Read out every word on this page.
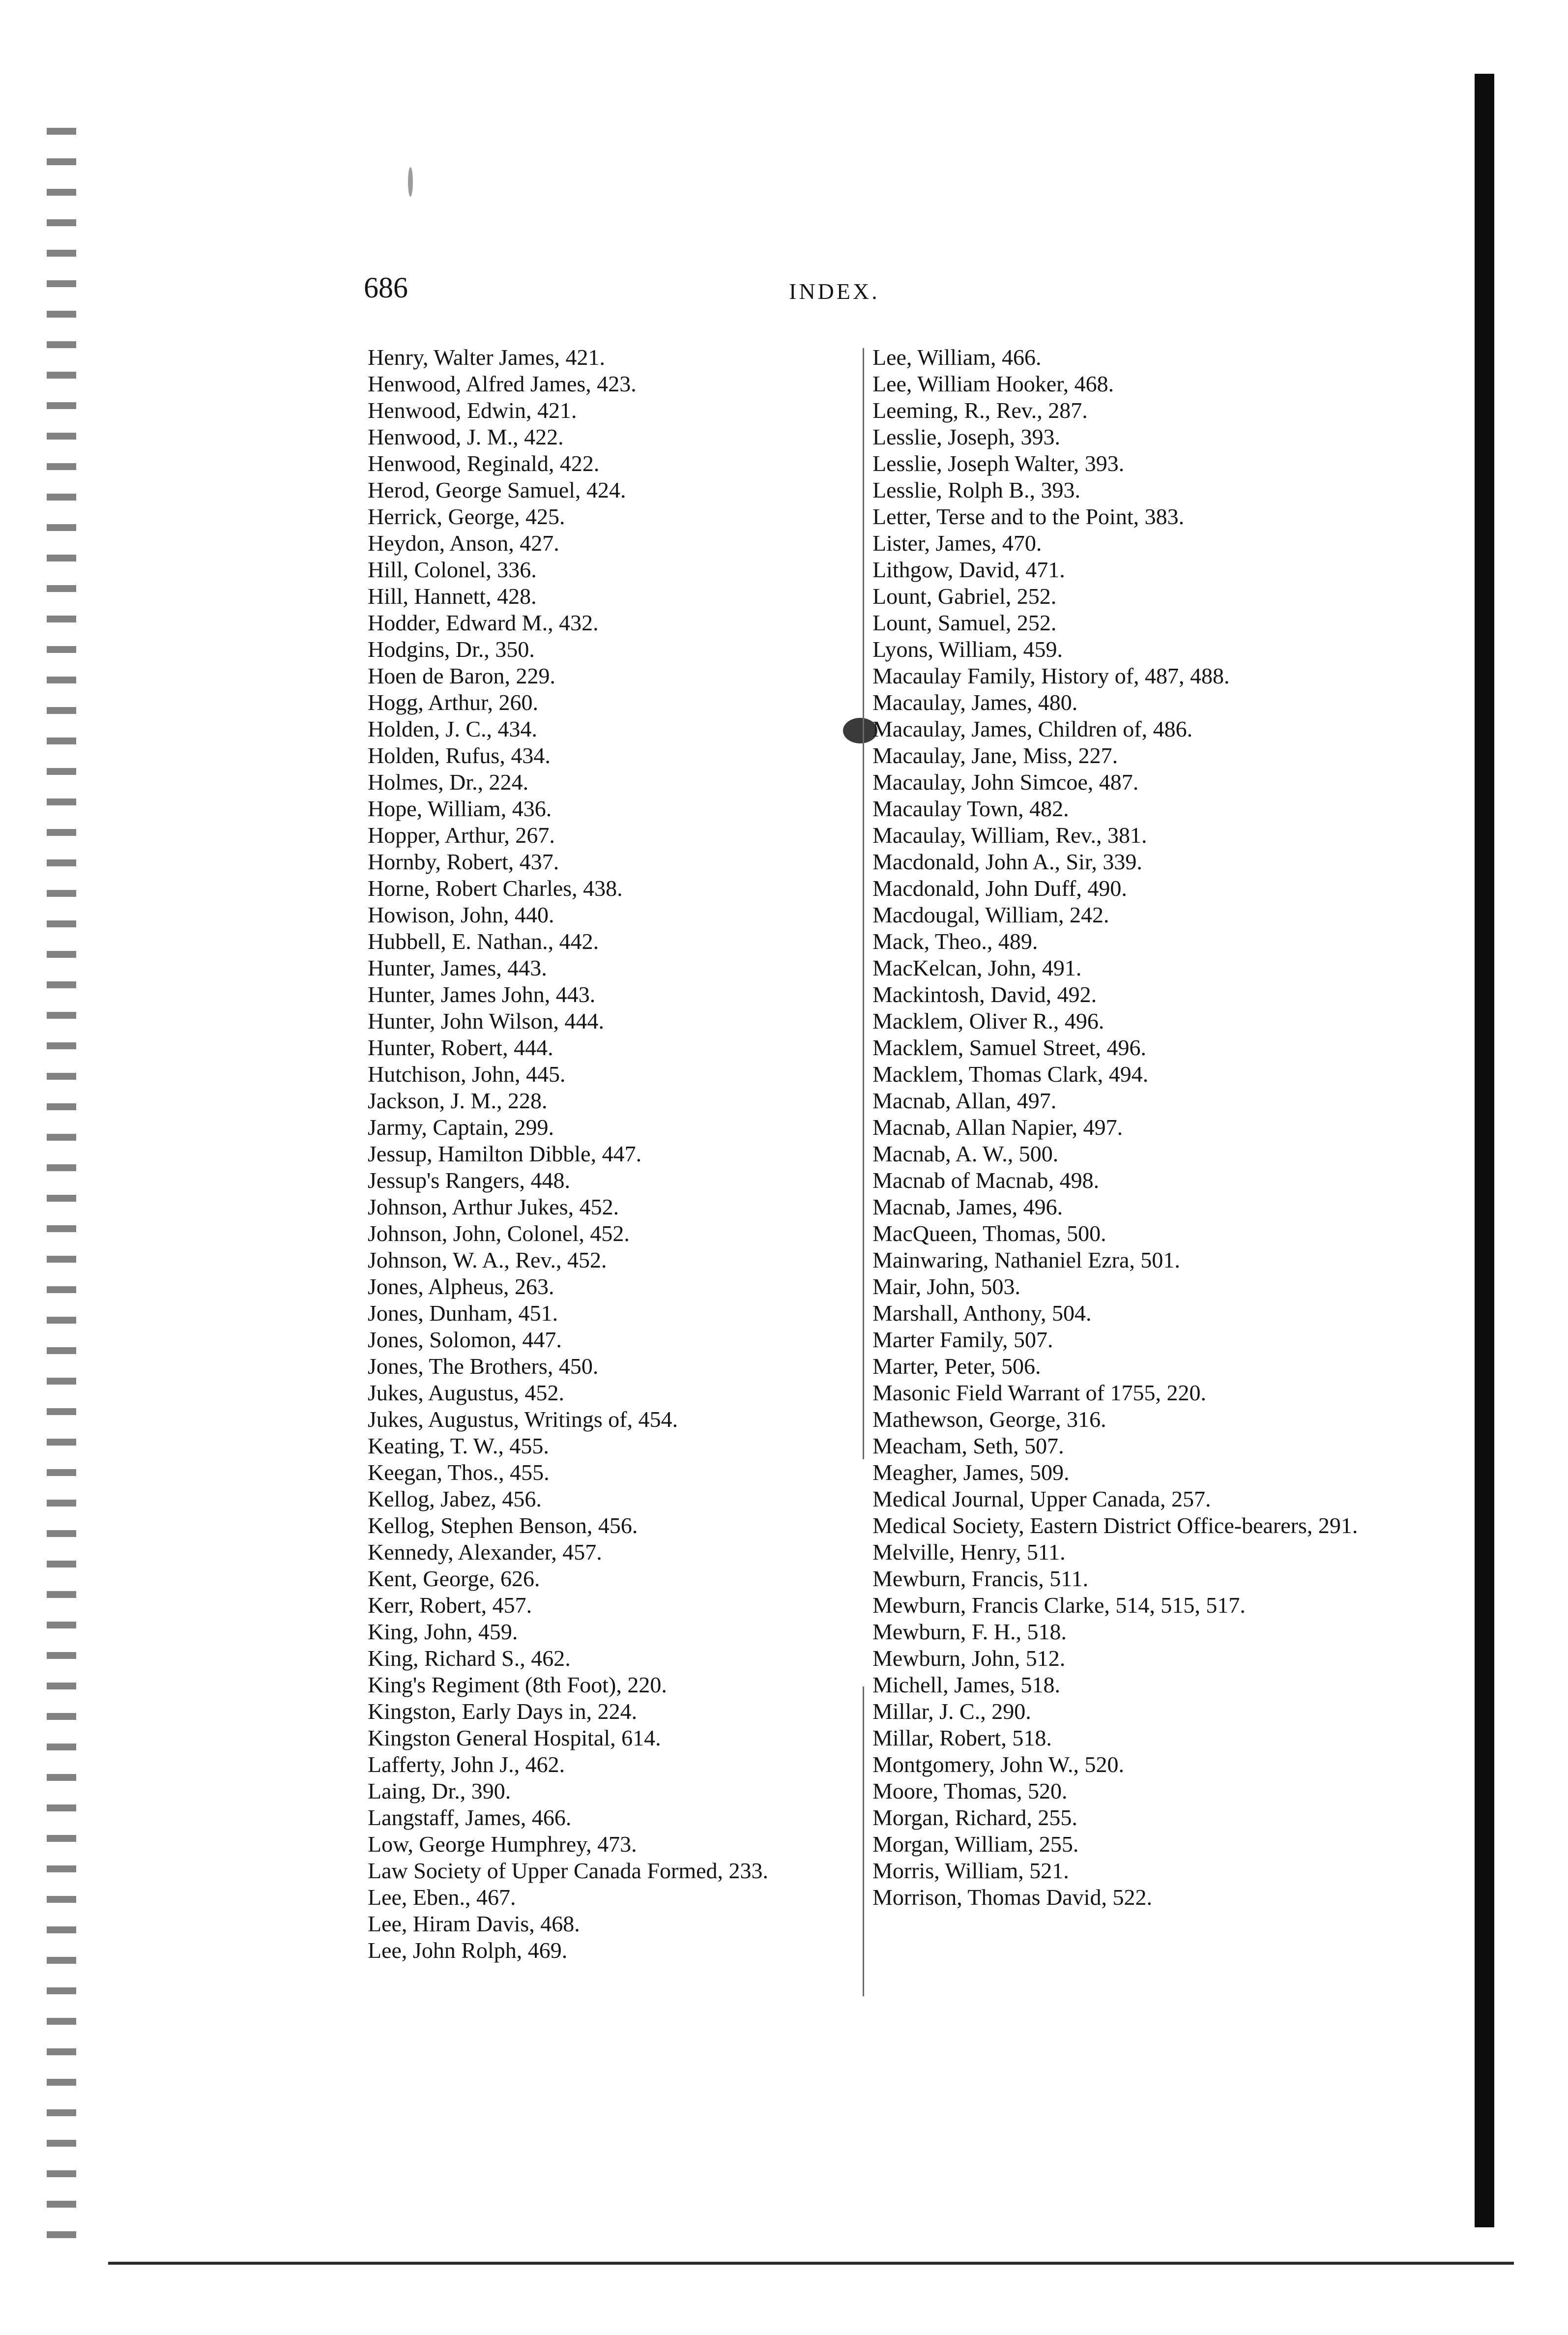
686	INDEX.
Henry, Walter James, 421.
Henwood, Alfred James, 423.
Henwood, Edwin, 421.
Henwood, J. M., 422.
Henwood, Reginald, 422.
Herod, George Samuel, 424.
Herrick, George, 425.
Heydon, Anson, 427.
Hill, Colonel, 336.
Hill, Hannett, 428.
Hodder, Edward M., 432.
Hodgins, Dr., 350.
Hoen de Baron, 229.
Hogg, Arthur, 260.
Holden, J. C., 434.
Holden, Rufus, 434.
Holmes, Dr., 224.
Hope, William, 436.
Hopper, Arthur, 267.
Hornby, Robert, 437.
Horne, Robert Charles, 438.
Howison, John, 440.
Hubbell, E. Nathan., 442.
Hunter, James, 443.
Hunter, James John, 443.
Hunter, John Wilson, 444.
Hunter, Robert, 444.
Hutchison, John, 445.
Jackson, J. M., 228.
Jarmy, Captain, 299.
Jessup, Hamilton Dibble, 447.
Jessup's Rangers, 448.
Johnson, Arthur Jukes, 452.
Johnson, John, Colonel, 452.
Johnson, W. A., Rev., 452.
Jones, Alpheus, 263.
Jones, Dunham, 451.
Jones, Solomon, 447.
Jones, The Brothers, 450.
Jukes, Augustus, 452.
Jukes, Augustus, Writings of, 454.
Keating, T. W., 455.
Keegan, Thos., 455.
Kellog, Jabez, 456.
Kellog, Stephen Benson, 456.
Kennedy, Alexander, 457.
Kent, George, 626.
Kerr, Robert, 457.
King, John, 459.
King, Richard S., 462.
King's Regiment (8th Foot), 220.
Kingston, Early Days in, 224.
Kingston General Hospital, 614.
Lafferty, John J., 462.
Laing, Dr., 390.
Langstaff, James, 466.
Low, George Humphrey, 473.
Law Society of Upper Canada Formed, 233.
Lee, Eben., 467.
Lee, Hiram Davis, 468.
Lee, John Rolph, 469.
Lee, William, 466.
Lee, William Hooker, 468.
Leeming, R., Rev., 287.
Lesslie, Joseph, 393.
Lesslie, Joseph Walter, 393.
Lesslie, Rolph B., 393.
Letter, Terse and to the Point, 383.
Lister, James, 470.
Lithgow, David, 471.
Lount, Gabriel, 252.
Lount, Samuel, 252.
Lyons, William, 459.
Macaulay Family, History of, 487, 488.
Macaulay, James, 480.
Macaulay, James, Children of, 486.
Macaulay, Jane, Miss, 227.
Macaulay, John Simcoe, 487.
Macaulay Town, 482.
Macaulay, William, Rev., 381.
Macdonald, John A., Sir, 339.
Macdonald, John Duff, 490.
Macdougal, William, 242.
Mack, Theo., 489.
MacKelcan, John, 491.
Mackintosh, David, 492.
Macklem, Oliver R., 496.
Macklem, Samuel Street, 496.
Macklem, Thomas Clark, 494.
Macnab, Allan, 497.
Macnab, Allan Napier, 497.
Macnab, A. W., 500.
Macnab of Macnab, 498.
Macnab, James, 496.
MacQueen, Thomas, 500.
Mainwaring, Nathaniel Ezra, 501.
Mair, John, 503.
Marshall, Anthony, 504.
Marter Family, 507.
Marter, Peter, 506.
Masonic Field Warrant of 1755, 220.
Mathewson, George, 316.
Meacham, Seth, 507.
Meagher, James, 509.
Medical Journal, Upper Canada, 257.
Medical Society, Eastern District Office-bearers, 291.
Melville, Henry, 511.
Mewburn, Francis, 511.
Mewburn, Francis Clarke, 514, 515, 517.
Mewburn, F. H., 518.
Mewburn, John, 512.
Michell, James, 518.
Millar, J. C., 290.
Millar, Robert, 518.
Montgomery, John W., 520.
Moore, Thomas, 520.
Morgan, Richard, 255.
Morgan, William, 255.
Morris, William, 521.
Morrison, Thomas David, 522.
